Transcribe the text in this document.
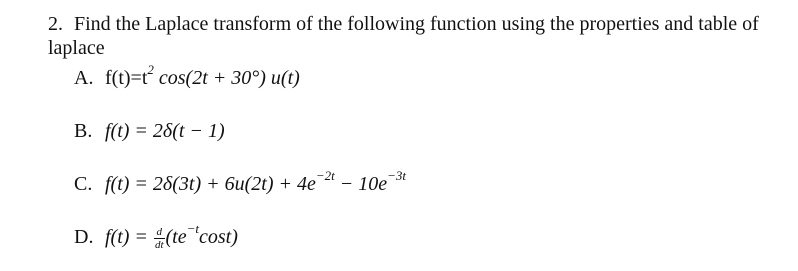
2. Find the Laplace transform of the following function using the properties and table of laplace
A. $f(t)=t^2$ cos(2t + 30°) u(t)
B. f(t) = 2δ(t − 1)
C. $f(t) = 2\delta(3t) + 6u(2t) + 4e^{-2t} - 10e^{-3t}$
D. $f(t) = \frac{d}{dt} (te^{-t}\cos t)$
